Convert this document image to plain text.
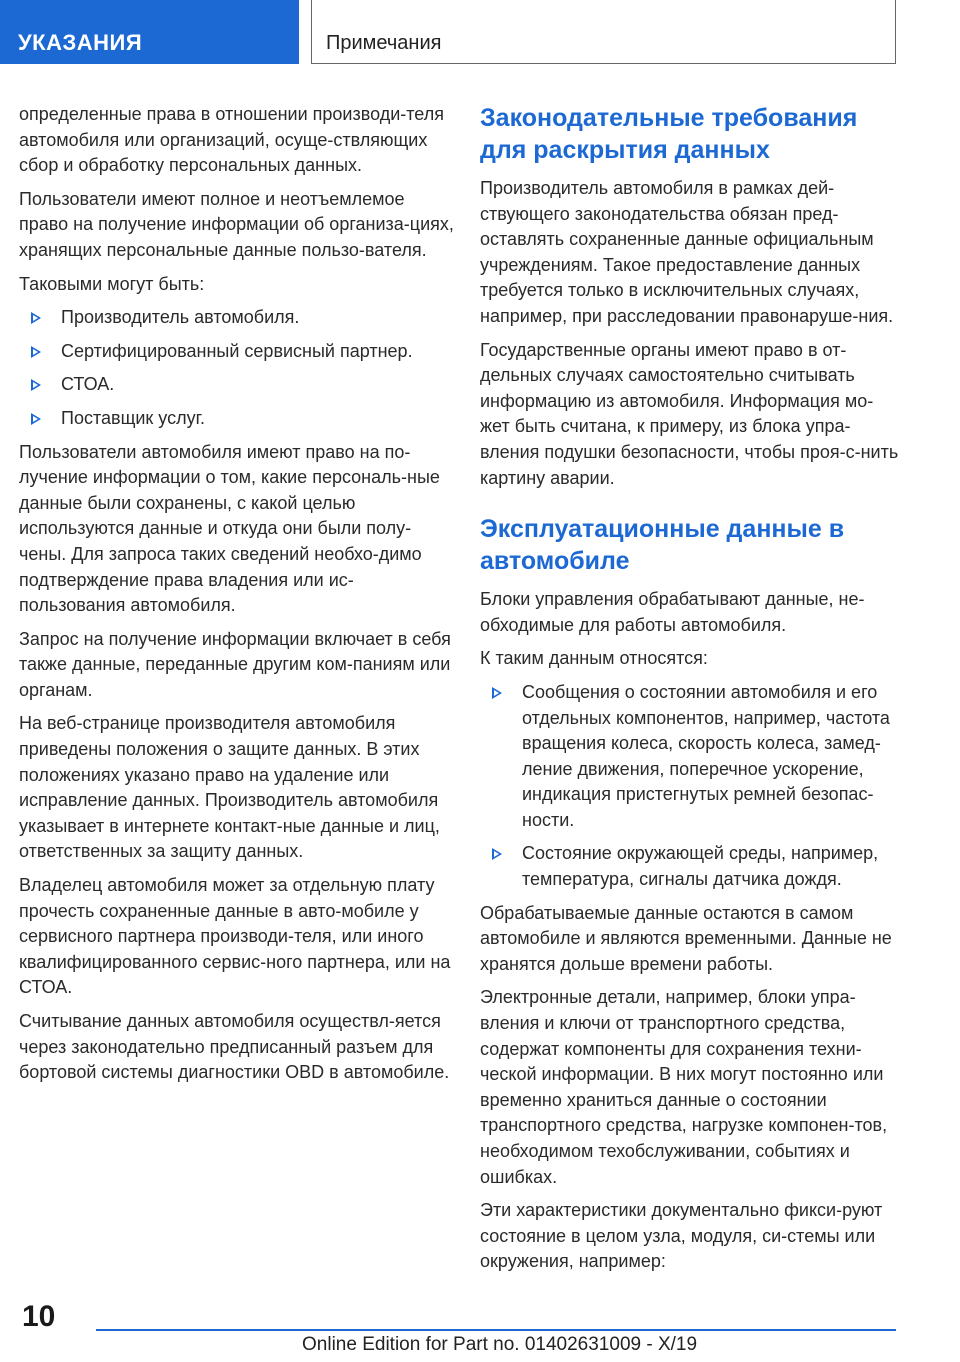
УКАЗАНИЯ	Примечания

определенные права в отношении производи-теля автомобиля или организаций, осуще-ствляющих сбор и обработку персональных данных.

Пользователи имеют полное и неотъемлемое право на получение информации об организа-циях, хранящих персональные данные пользо-вателя.

Таковыми могут быть:

Производитель автомобиля.
Сертифицированный сервисный партнер.
СТОА.
Поставщик услуг.

Пользователи автомобиля имеют право на по-лучение информации о том, какие персональ-ные данные были сохранены, с какой целью используются данные и откуда они были полу-чены. Для запроса таких сведений необхо-димо подтверждение права владения или ис-пользования автомобиля.

Запрос на получение информации включает в себя также данные, переданные другим ком-паниям или органам.

На веб-странице производителя автомобиля приведены положения о защите данных. В этих положениях указано право на удаление или исправление данных. Производитель автомобиля указывает в интернете контакт-ные данные и лиц, ответственных за защиту данных.

Владелец автомобиля может за отдельную плату прочесть сохраненные данные в авто-мобиле у сервисного партнера производи-теля, или иного квалифицированного сервис-ного партнера, или на СТОА.

Считывание данных автомобиля осуществл-яется через законодательно предписанный разъем для бортовой системы диагностики OBD в автомобиле.

Законодательные требования для раскрытия данных

Производитель автомобиля в рамках дей-ствующего законодательства обязан пред-оставлять сохраненные данные официальным учреждениям. Такое предоставление данных требуется только в исключительных случаях, например, при расследовании правонаруше-ния.

Государственные органы имеют право в от-дельных случаях самостоятельно считывать информацию из автомобиля. Информация мо-жет быть считана, к примеру, из блока упра-вления подушки безопасности, чтобы проя-с-нить картину аварии.

Эксплуатационные данные в автомобиле

Блоки управления обрабатывают данные, не-обходимые для работы автомобиля.

К таким данным относятся:

Сообщения о состоянии автомобиля и его отдельных компонентов, например, частота вращения колеса, скорость колеса, замед-ление движения, поперечное ускорение, индикация пристегнутых ремней безопас-ности.
Состояние окружающей среды, например, температура, сигналы датчика дождя.

Обрабатываемые данные остаются в самом автомобиле и являются временными. Данные не хранятся дольше времени работы.

Электронные детали, например, блоки упра-вления и ключи от транспортного средства, содержат компоненты для сохранения техни-ческой информации. В них могут постоянно или временно храниться данные о состоянии транспортного средства, нагрузке компонен-тов, необходимом техобслуживании, событиях и ошибках.

Эти характеристики документально фикси-руют состояние в целом узла, модуля, си-стемы или окружения, например:

10
Online Edition for Part no. 01402631009 - X/19
